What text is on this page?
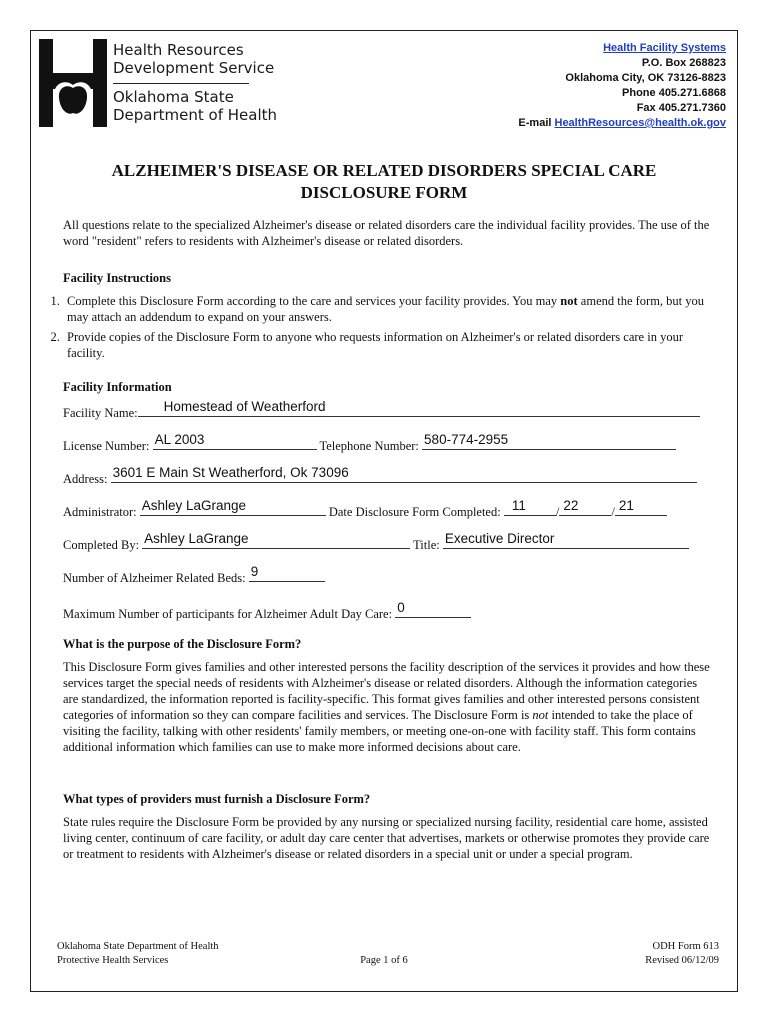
Health Resources
Development Service
Oklahoma State
Department of Health
Health Facility Systems
P.O. Box 268823
Oklahoma City, OK 73126-8823
Phone 405.271.6868
Fax 405.271.7360
E-mail HealthResources@health.ok.gov
ALZHEIMER'S DISEASE OR RELATED DISORDERS SPECIAL CARE
DISCLOSURE FORM
All questions relate to the specialized Alzheimer's disease or related disorders care the individual facility provides. The use of the word "resident" refers to residents with Alzheimer's disease or related disorders.
Facility Instructions
1. Complete this Disclosure Form according to the care and services your facility provides. You may not amend the form, but you may attach an addendum to expand on your answers.
2. Provide copies of the Disclosure Form to anyone who requests information on Alzheimer's or related disorders care in your facility.
Facility Information
Facility Name: Homestead of Weatherford
License Number: AL 2003	Telephone Number: 580-774-2955
Address: 3601 E Main St Weatherford, Ok 73096
Administrator: Ashley LaGrange	Date Disclosure Form Completed: 11 / 22	/ 21
Completed By: Ashley LaGrange	Title: Executive Director
Number of Alzheimer Related Beds: 9
Maximum Number of participants for Alzheimer Adult Day Care: 0
What is the purpose of the Disclosure Form?
This Disclosure Form gives families and other interested persons the facility description of the services it provides and how these services target the special needs of residents with Alzheimer's disease or related disorders. Although the information categories are standardized, the information reported is facility-specific. This format gives families and other interested persons consistent categories of information so they can compare facilities and services. The Disclosure Form is not intended to take the place of visiting the facility, talking with other residents' family members, or meeting one-on-one with facility staff. This form contains additional information which families can use to make more informed decisions about care.
What types of providers must furnish a Disclosure Form?
State rules require the Disclosure Form be provided by any nursing or specialized nursing facility, residential care home, assisted living center, continuum of care facility, or adult day care center that advertises, markets or otherwise promotes they provide care or treatment to residents with Alzheimer's disease or related disorders in a special unit or under a special program.
Oklahoma State Department of Health
Protective Health Services	Page 1 of 6
ODH Form 613
Revised 06/12/09
